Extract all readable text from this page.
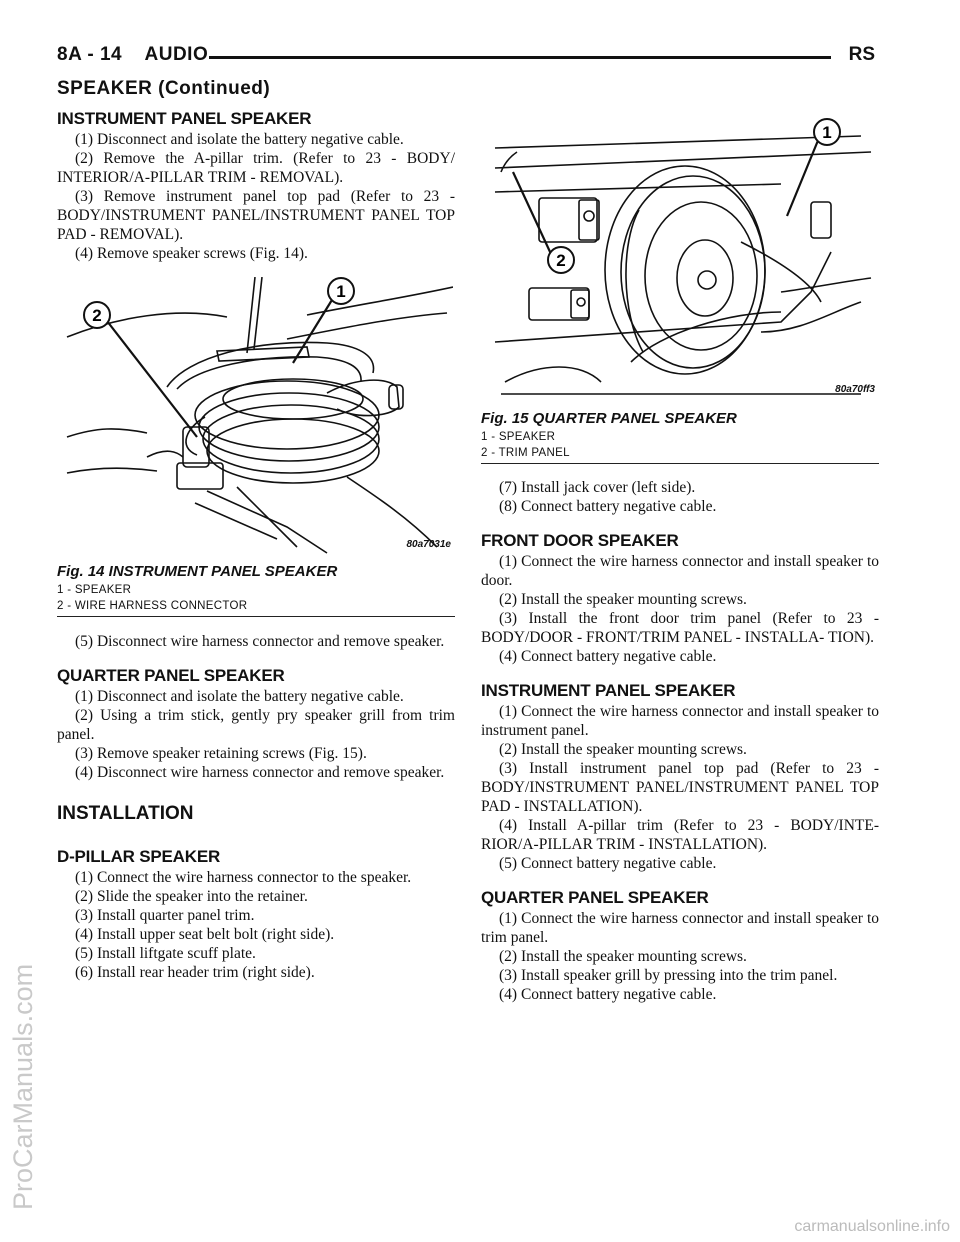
8A - 14    AUDIO	RS
SPEAKER (Continued)
INSTRUMENT PANEL SPEAKER

(1) Disconnect and isolate the battery negative cable.

(2) Remove the A-pillar trim. (Refer to 23 - BODY/ INTERIOR/A-PILLAR TRIM - REMOVAL).

(3) Remove instrument panel top pad (Refer to 23 - BODY/INSTRUMENT PANEL/INSTRUMENT PANEL TOP PAD - REMOVAL).

(4) Remove speaker screws (Fig. 14).

1
2
80a7031e
Fig. 14 INSTRUMENT PANEL SPEAKER
1 - SPEAKER
2 - WIRE HARNESS CONNECTOR

(5) Disconnect wire harness connector and remove speaker.

QUARTER PANEL SPEAKER

(1) Disconnect and isolate the battery negative cable.

(2) Using a trim stick, gently pry speaker grill from trim panel.

(3) Remove speaker retaining screws (Fig. 15).

(4) Disconnect wire harness connector and remove speaker.

INSTALLATION
D-PILLAR SPEAKER

(1) Connect the wire harness connector to the speaker.

(2) Slide the speaker into the retainer.

(3) Install quarter panel trim.

(4) Install upper seat belt bolt (right side).

(5) Install liftgate scuff plate.

(6) Install rear header trim (right side).

1
2
80a70ff3
Fig. 15 QUARTER PANEL SPEAKER
1 - SPEAKER
2 - TRIM PANEL

(7) Install jack cover (left side).

(8) Connect battery negative cable.

FRONT DOOR SPEAKER

(1) Connect the wire harness connector and install speaker to door.

(2) Install the speaker mounting screws.

(3) Install the front door trim panel (Refer to 23 - BODY/DOOR - FRONT/TRIM PANEL - INSTALLA- TION).

(4) Connect battery negative cable.

INSTRUMENT PANEL SPEAKER

(1) Connect the wire harness connector and install speaker to instrument panel.

(2) Install the speaker mounting screws.

(3) Install instrument panel top pad (Refer to 23 - BODY/INSTRUMENT PANEL/INSTRUMENT PANEL TOP PAD - INSTALLATION).

(4) Install A-pillar trim (Refer to 23 - BODY/INTE- RIOR/A-PILLAR TRIM - INSTALLATION).

(5) Connect battery negative cable.

QUARTER PANEL SPEAKER

(1) Connect the wire harness connector and install speaker to trim panel.

(2) Install the speaker mounting screws.

(3) Install speaker grill by pressing into the trim panel.

(4) Connect battery negative cable.

ProCarManuals.com
carmanualsonline.info
